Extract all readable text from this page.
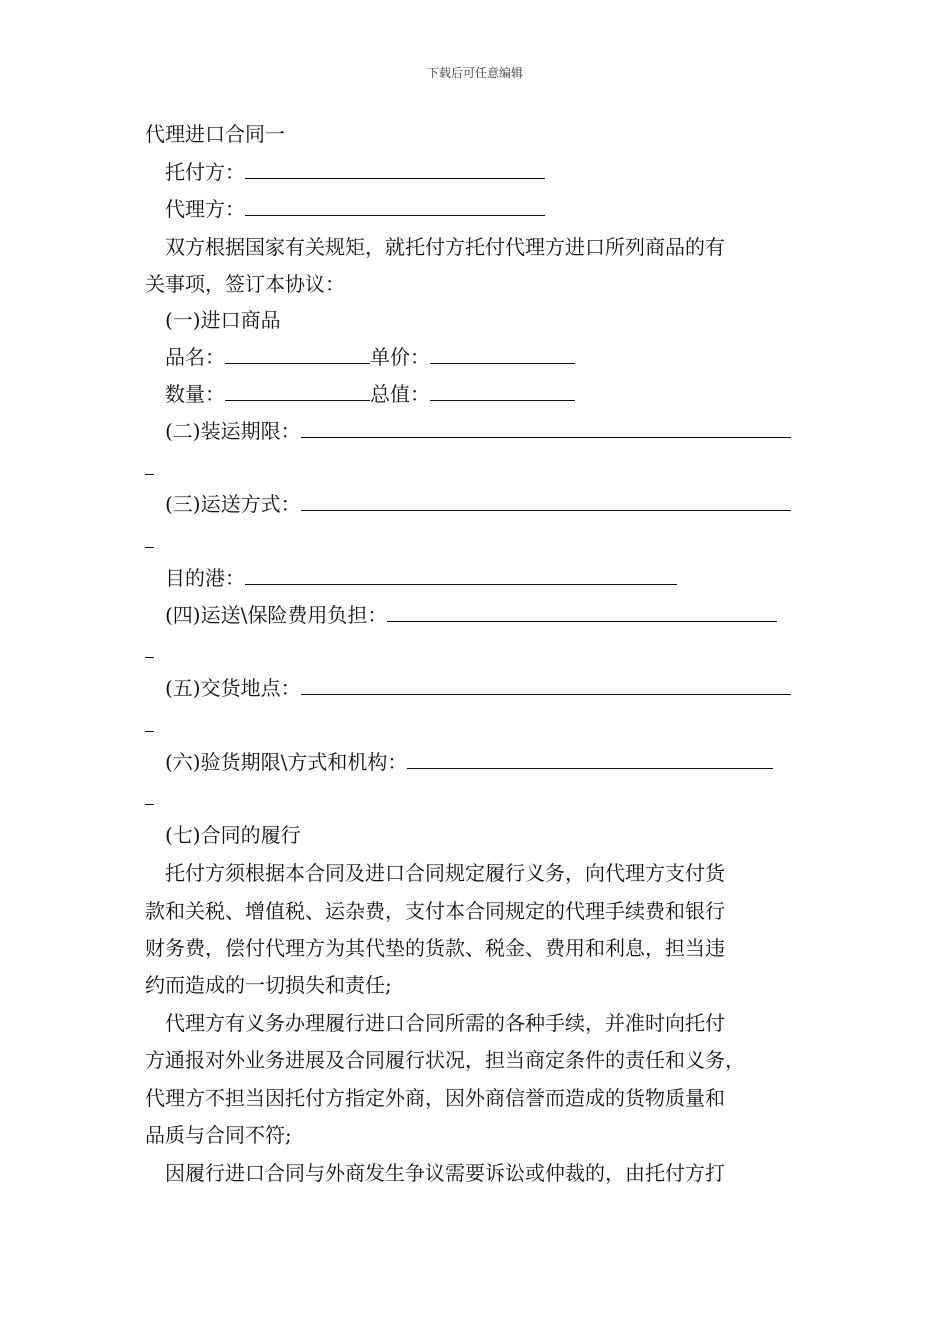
下载后可任意编辑
代理进口合同一
托付方：
代理方：
双方根据国家有关规矩，就托付方托付代理方进口所列商品的有
关事项，签订本协议：
(一)进口商品
品名：	单价：
数量：	总值：
(二)装运期限：
(三)运送方式：
目的港：
(四)运送\保险费用负担：
(五)交货地点：
(六)验货期限\方式和机构：
(七)合同的履行
托付方须根据本合同及进口合同规定履行义务，向代理方支付货
款和关税、增值税、运杂费，支付本合同规定的代理手续费和银行
财务费，偿付代理方为其代垫的货款、税金、费用和利息，担当违
约而造成的一切损失和责任;
代理方有义务办理履行进口合同所需的各种手续，并准时向托付
方通报对外业务进展及合同履行状况，担当商定条件的责任和义务，
代理方不担当因托付方指定外商，因外商信誉而造成的货物质量和
品质与合同不符;
因履行进口合同与外商发生争议需要诉讼或仲裁的，由托付方打
